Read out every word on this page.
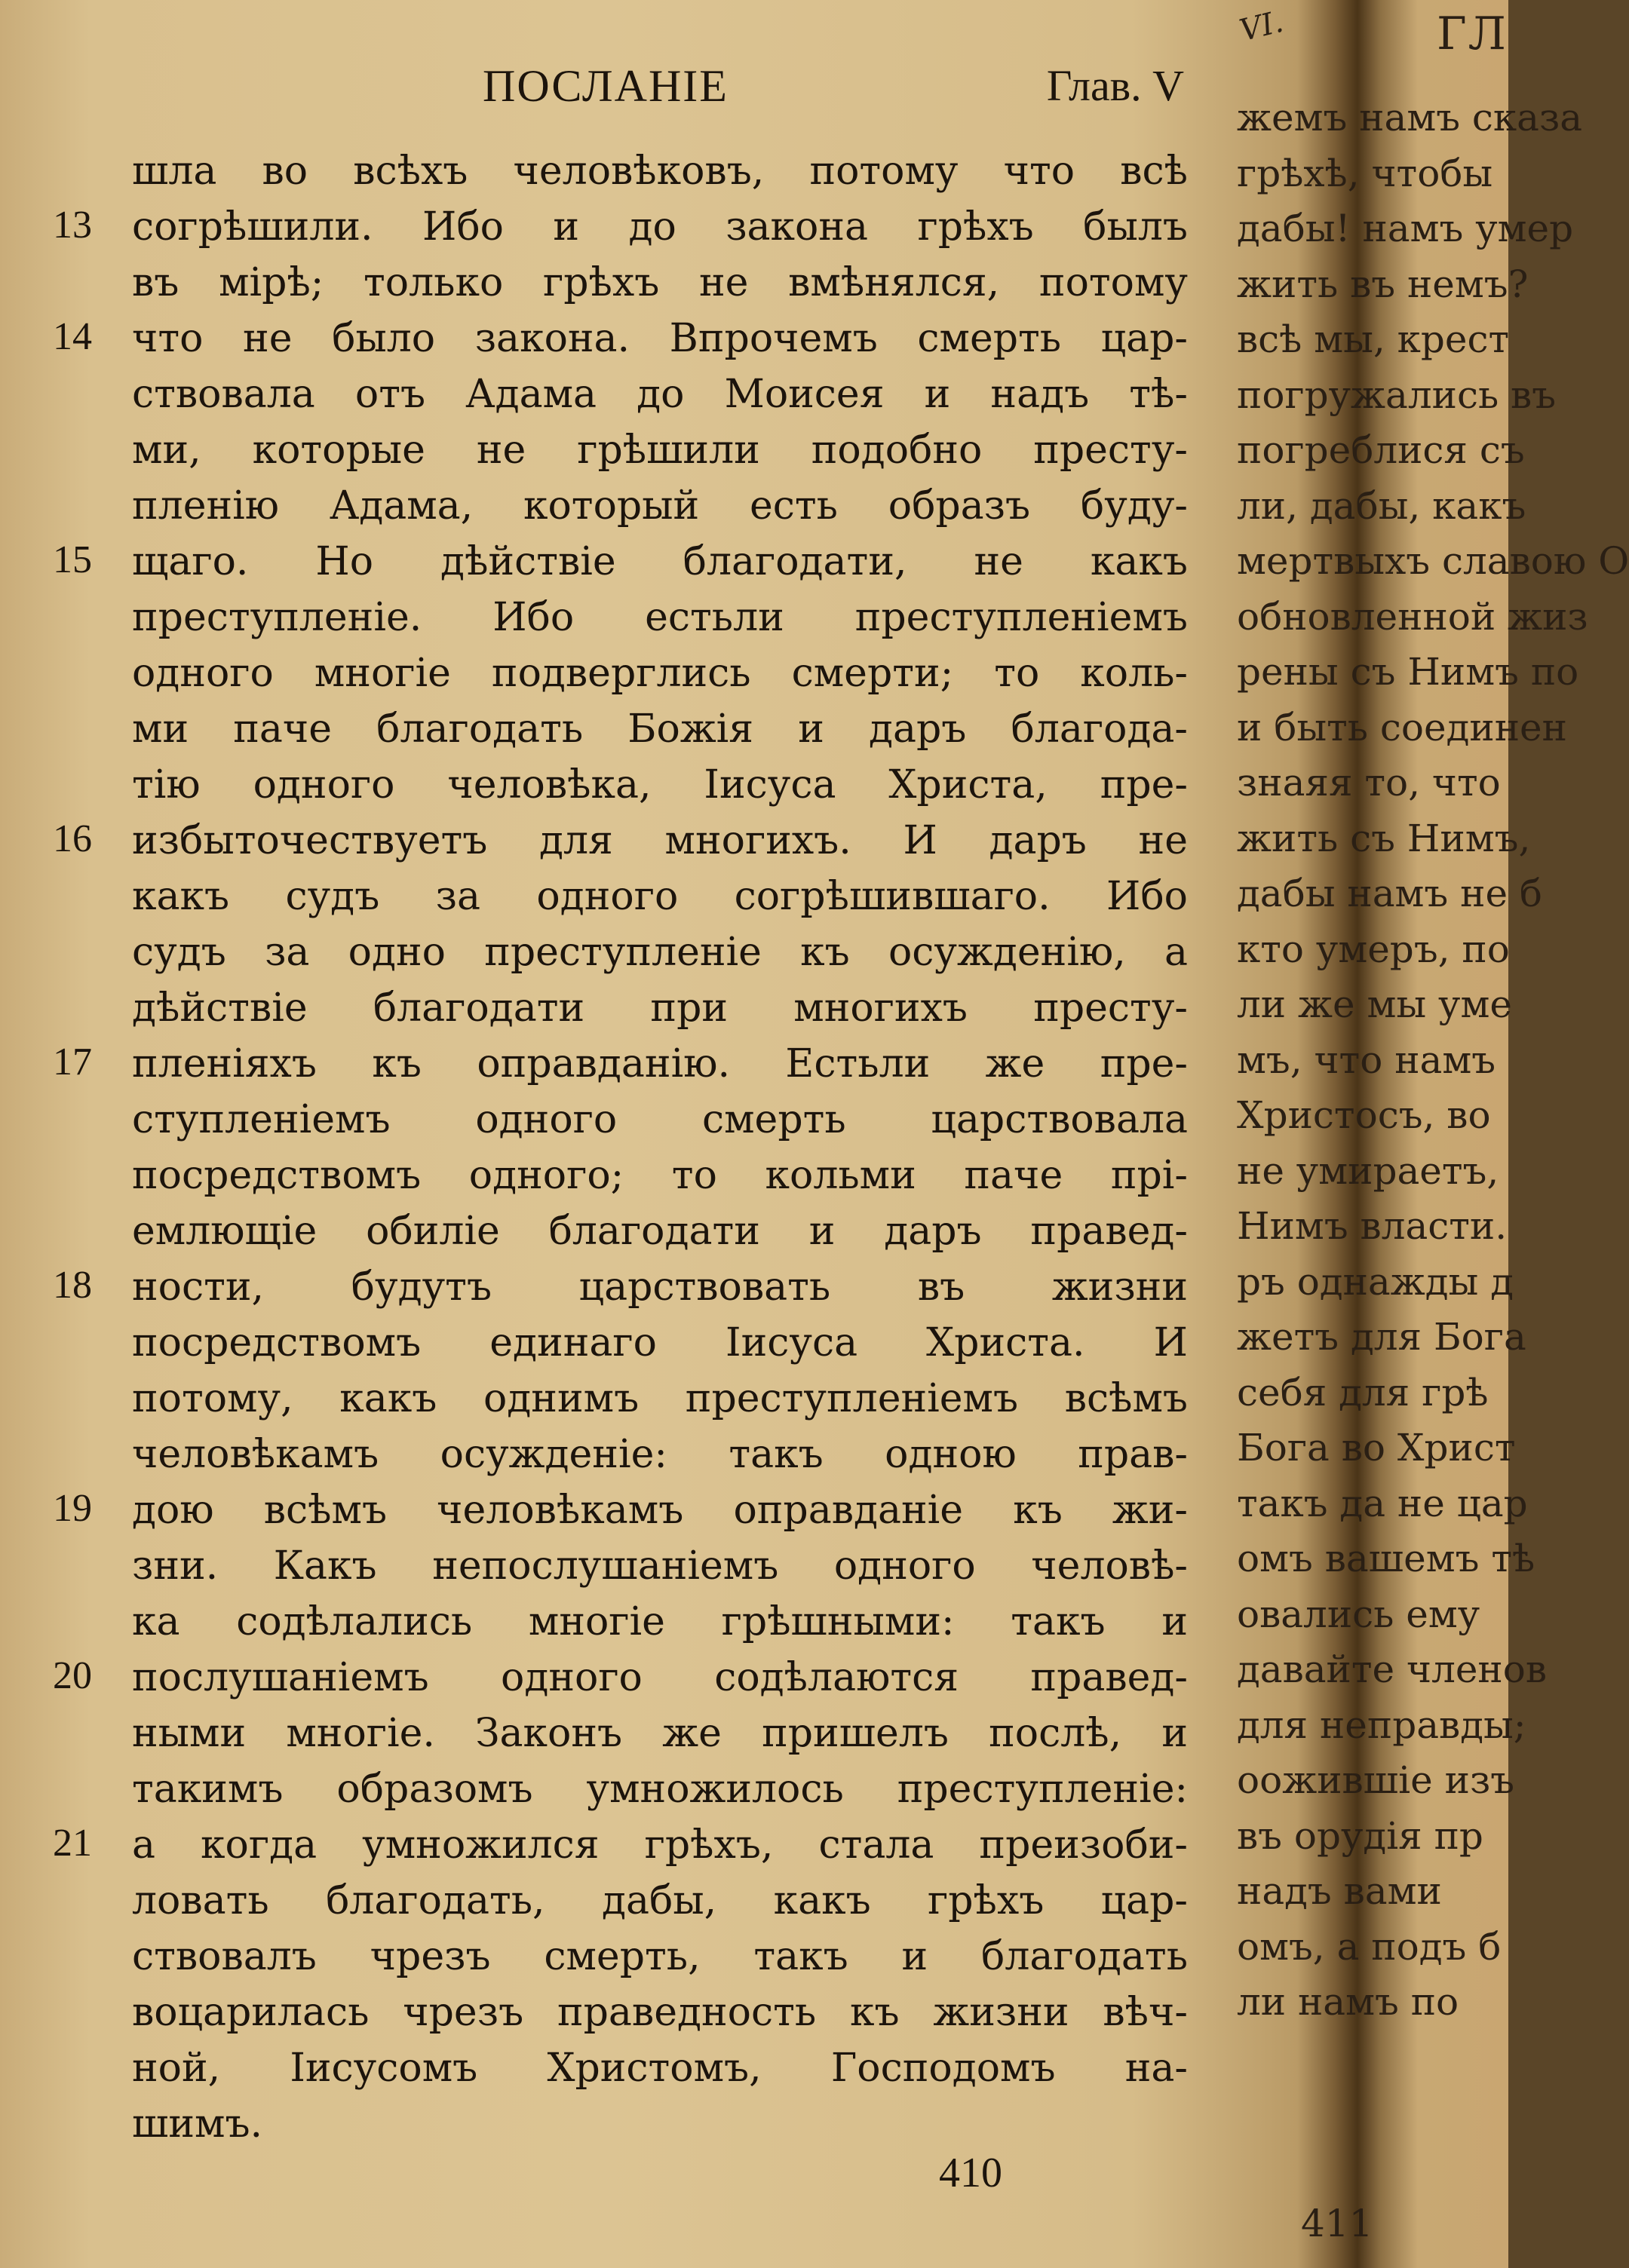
ПОСЛАНІЕ	Глав. V
13
14
15
16
17
18
19
20
21
шла во всѣхъ человѣковъ, потому что всѣ
согрѣшили. Ибо и до закона грѣхъ былъ
въ мірѣ; только грѣхъ не вмѣнялся, потому
что не было закона. Впрочемъ смерть цар-
ствовала отъ Адама до Моисея и надъ тѣ-
ми, которые не грѣшили подобно престу-
пленію Адама, который есть образъ буду-
щаго. Но дѣйствіе благодати, не какъ
преступленіе. Ибо естьли преступленіемъ
одного многіе подверглись смерти; то коль-
ми паче благодать Божія и даръ благода-
тію одного человѣка, Іисуса Христа, пре-
избыточествуетъ для многихъ. И даръ не
какъ судъ за одного согрѣшившаго. Ибо
судъ за одно преступленіе къ осужденію, а
дѣйствіе благодати при многихъ престу-
пленіяхъ къ оправданію. Естьли же пре-
ступленіемъ одного смерть царствовала
посредствомъ одного; то кольми паче прі-
емлющіе обиліе благодати и даръ правед-
ности, будутъ царствовать въ жизни
посредствомъ единаго Іисуса Христа. И
потому, какъ однимъ преступленіемъ всѣмъ
человѣкамъ осужденіе: такъ одною прав-
дою всѣмъ человѣкамъ оправданіе къ жи-
зни. Какъ непослушаніемъ одного человѣ-
ка содѣлались многіе грѣшными: такъ и
послушаніемъ одного содѣлаются правед-
ными многіе. Законъ же пришелъ послѣ, и
такимъ образомъ умножилось преступленіе:
а когда умножился грѣхъ, стала преизоби-
ловать благодать, дабы, какъ грѣхъ цар-
ствовалъ чрезъ смерть, такъ и благодать
воцарилась чрезъ праведность къ жизни вѣч-
ной, Іисусомъ Христомъ, Господомъ на-
шимъ.
410
VI.	ГЛ
жемъ намъ сказа
грѣхѣ, чтобы
дабы! намъ умер
жить въ немъ?
всѣ мы, крест
погружались въ
погреблися съ
ли, дабы, какъ
мертвыхъ славою О
обновленной жиз
рены съ Нимъ по
и быть соединен
знаяя то, что
жить съ Нимъ,
дабы намъ не б
кто умеръ, по
ли же мы уме
мъ, что намъ
Христосъ, во
не умираетъ,
Нимъ власти.
ръ однажды д
жетъ для Бога
себя для грѣ
Бога во Христ
такъ да не цар
омъ вашемъ тѣ
овались ему
давайте членов
для неправды;
оожившіе изъ
въ орудія пр
надъ вами
омъ, а подъ б
ли намъ по
411
